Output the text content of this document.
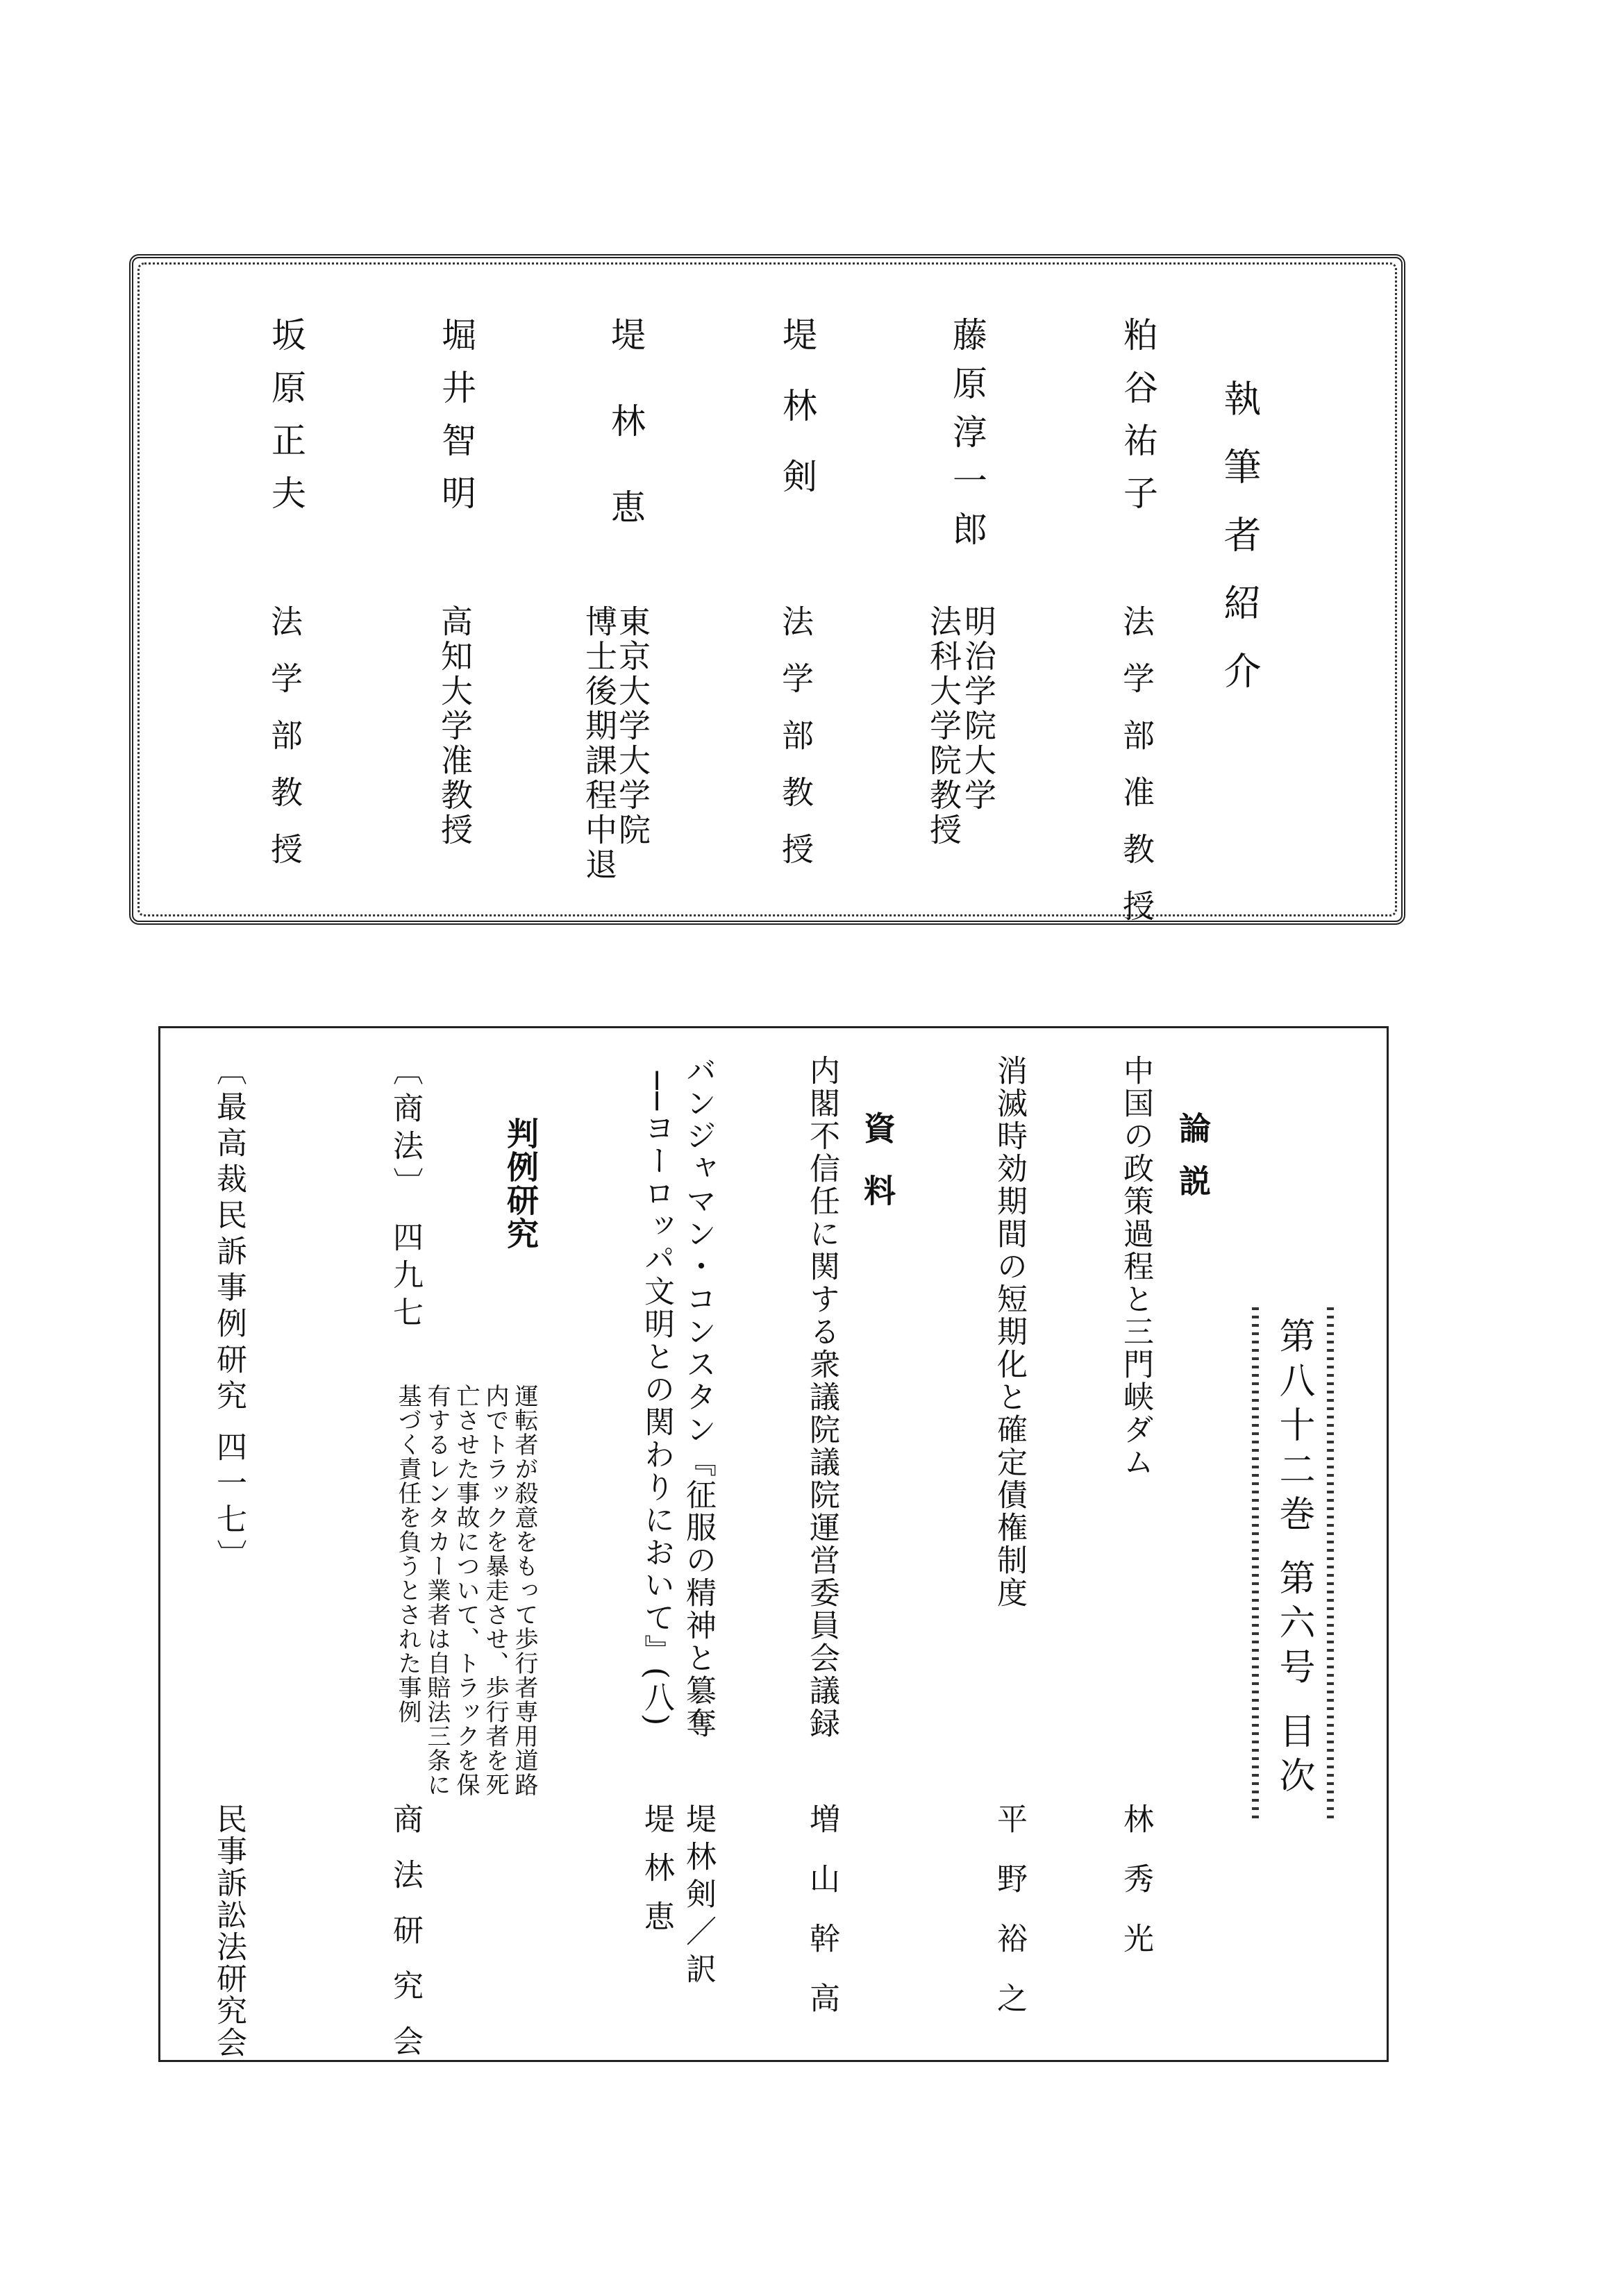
執筆者紹介
粕谷祐子
法学部准教授
藤原淳一郎
明治学院大学
法科大学院教授
堤林剣
法学部教授
堤林恵
東京大学大学院
博士後期課程中退
堀井智明
高知大学准教授
坂原正夫
法学部教授
第八十二巻 第六号 目次
論説
中国の政策過程と三門峡ダム
林秀光
消滅時効期間の短期化と確定債権制度
平野裕之
資料
内閣不信任に関する衆議院議院運営委員会議録
増山幹高
バンジャマン・コンスタン『征服の精神と簒奪
──ヨーロッパ文明との関わりにおいて』(八)
堤林剣／訳
堤林恵
判例研究
〔商法〕 四九七
運転者が殺意をもって歩行者専用道路
内でトラックを暴走させ、歩行者を死
亡させた事故について、トラックを保
有するレンタカー業者は自賠法三条に
基づく責任を負うとされた事例
商法研究会
〔最高裁民訴事例研究 四一七〕
民事訴訟法研究会
